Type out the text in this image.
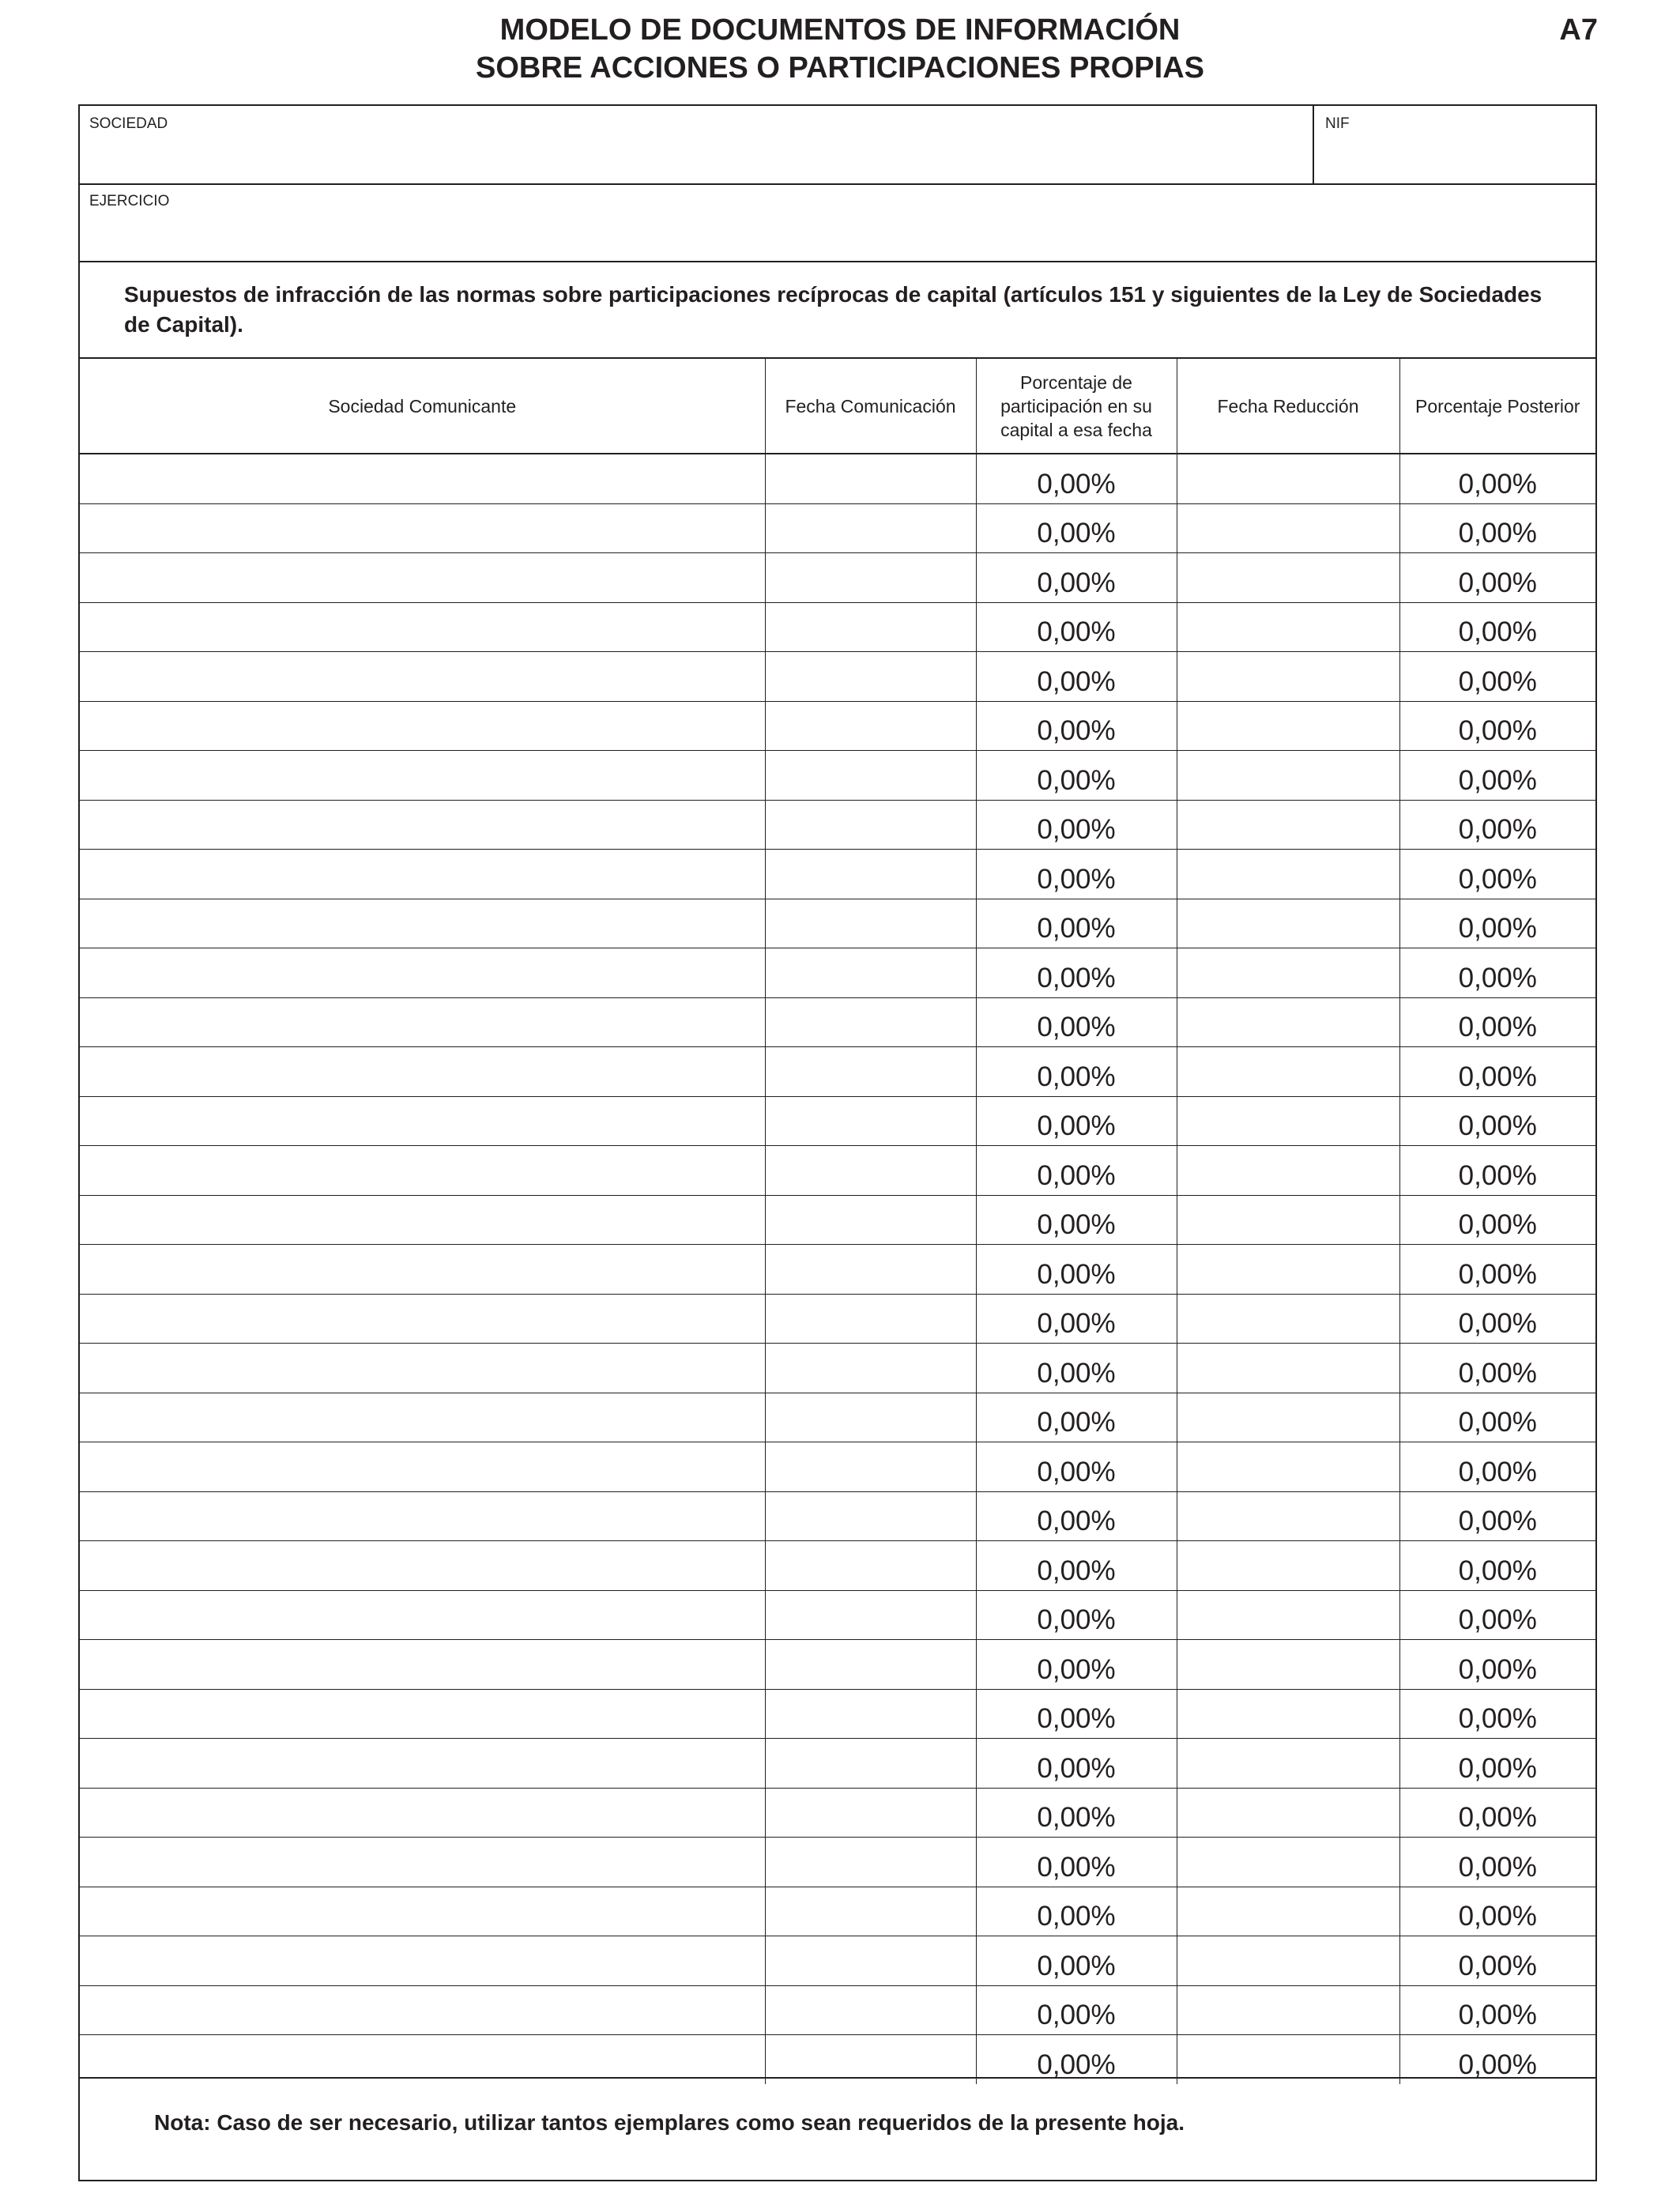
MODELO DE DOCUMENTOS DE INFORMACIÓN
SOBRE ACCIONES O PARTICIPACIONES PROPIAS
A7
SOCIEDAD	NIF
EJERCICIO
Supuestos de infracción de las normas sobre participaciones recíprocas de capital (artículos 151 y siguientes de la Ley de Sociedades de Capital).
Sociedad Comunicante	Fecha Comunicación	Porcentaje de participación en su capital a esa fecha	Fecha Reducción	Porcentaje Posterior
		0,00%		0,00%
		0,00%		0,00%
		0,00%		0,00%
		0,00%		0,00%
		0,00%		0,00%
		0,00%		0,00%
		0,00%		0,00%
		0,00%		0,00%
		0,00%		0,00%
		0,00%		0,00%
		0,00%		0,00%
		0,00%		0,00%
		0,00%		0,00%
		0,00%		0,00%
		0,00%		0,00%
		0,00%		0,00%
		0,00%		0,00%
		0,00%		0,00%
		0,00%		0,00%
		0,00%		0,00%
		0,00%		0,00%
		0,00%		0,00%
		0,00%		0,00%
		0,00%		0,00%
		0,00%		0,00%
		0,00%		0,00%
		0,00%		0,00%
		0,00%		0,00%
		0,00%		0,00%
		0,00%		0,00%
		0,00%		0,00%
		0,00%		0,00%
		0,00%		0,00%
Nota: Caso de ser necesario, utilizar tantos ejemplares como sean requeridos de la presente hoja.
